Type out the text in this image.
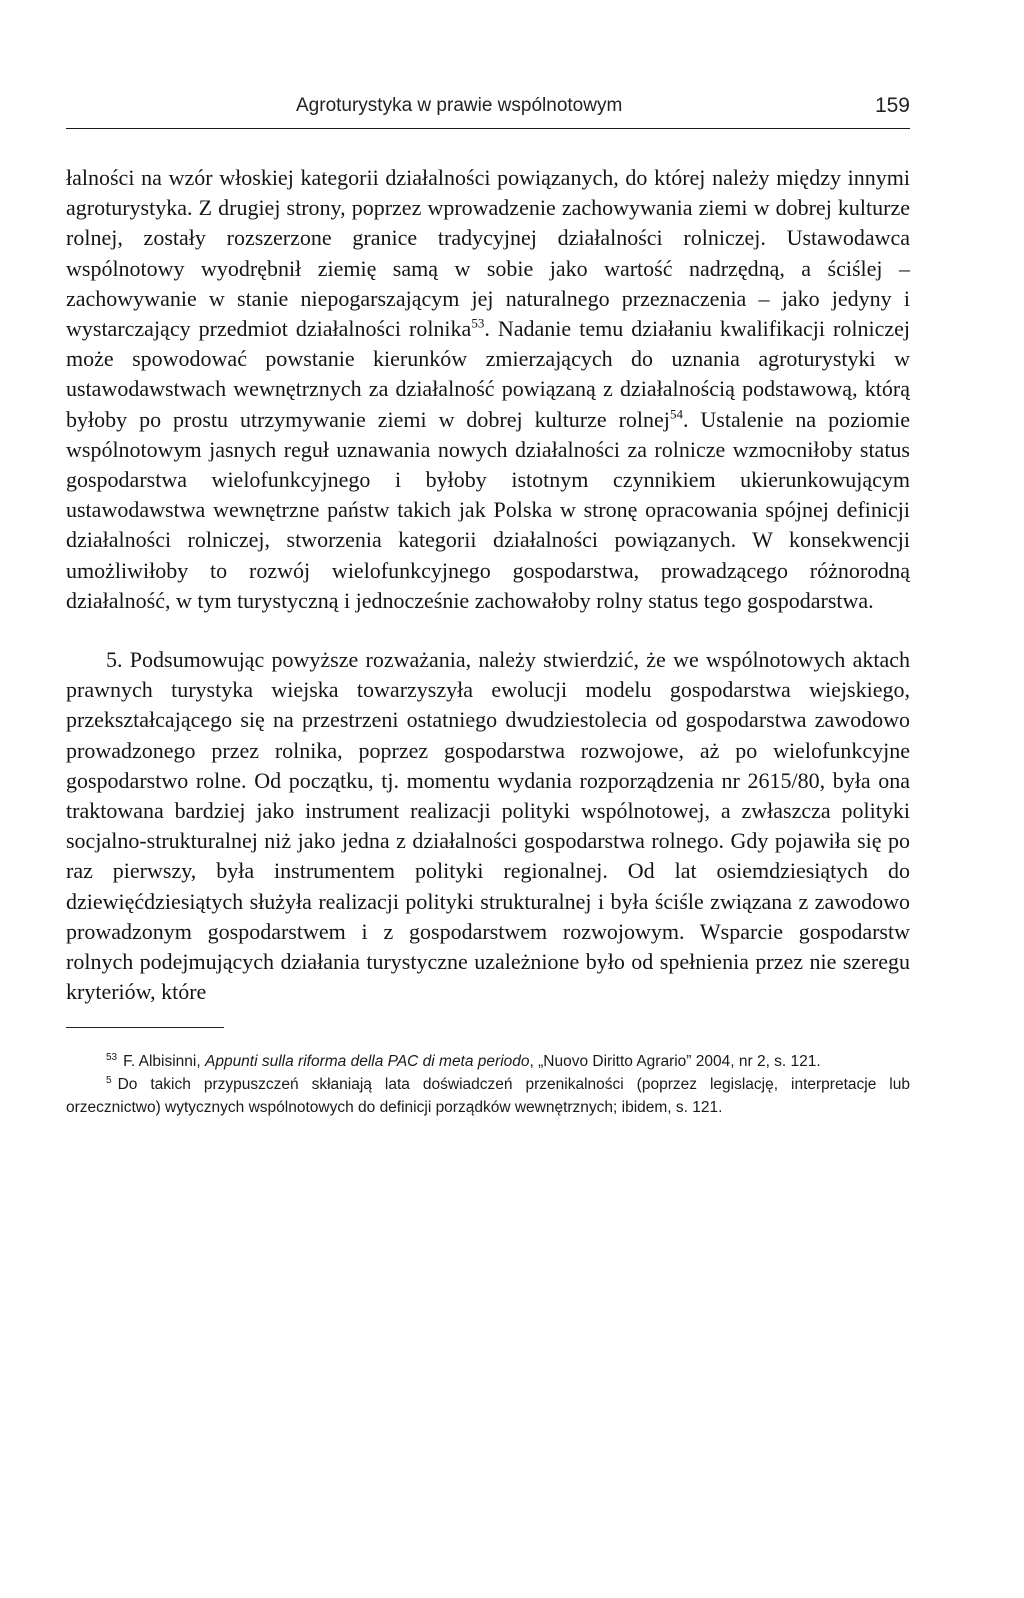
Agroturystyka w prawie wspólnotowym	159

łalności na wzór włoskiej kategorii działalności powiązanych, do której należy między innymi agroturystyka. Z drugiej strony, poprzez wprowadzenie zachowywania ziemi w dobrej kulturze rolnej, zostały rozszerzone granice tradycyjnej działalności rolniczej. Ustawodawca wspólnotowy wyodrębnił ziemię samą w sobie jako wartość nadrzędną, a ściślej – zachowywanie w stanie niepogarszającym jej naturalnego przeznaczenia – jako jedyny i wystarczający przedmiot działalności rolnika$^{53}$. Nadanie temu działaniu kwalifikacji rolniczej może spowodować powstanie kierunków zmierzających do uznania agroturystyki w ustawodawstwach wewnętrznych za działalność powiązaną z działalnością podstawową, którą byłoby po prostu utrzymywanie ziemi w dobrej kulturze rolnej$^{54}$. Ustalenie na poziomie wspólnotowym jasnych reguł uznawania nowych działalności za rolnicze wzmocniłoby status gospodarstwa wielofunkcyjnego i byłoby istotnym czynnikiem ukierunkowującym ustawodawstwa wewnętrzne państw takich jak Polska w stronę opracowania spójnej definicji działalności rolniczej, stworzenia kategorii działalności powiązanych. W konsekwencji umożliwiłoby to rozwój wielofunkcyjnego gospodarstwa, prowadzącego różnorodną działalność, w tym turystyczną i jednocześnie zachowałoby rolny status tego gospodarstwa.

5. Podsumowując powyższe rozważania, należy stwierdzić, że we wspólnotowych aktach prawnych turystyka wiejska towarzyszyła ewolucji modelu gospodarstwa wiejskiego, przekształcającego się na przestrzeni ostatniego dwudziestolecia od gospodarstwa zawodowo prowadzonego przez rolnika, poprzez gospodarstwa rozwojowe, aż po wielofunkcyjne gospodarstwo rolne. Od początku, tj. momentu wydania rozporządzenia nr 2615/80, była ona traktowana bardziej jako instrument realizacji polityki wspólnotowej, a zwłaszcza polityki socjalno-strukturalnej niż jako jedna z działalności gospodarstwa rolnego. Gdy pojawiła się po raz pierwszy, była instrumentem polityki regionalnej. Od lat osiemdziesiątych do dziewięćdziesiątych służyła realizacji polityki strukturalnej i była ściśle związana z zawodowo prowadzonym gospodarstwem i z gospodarstwem rozwojowym. Wsparcie gospodarstw rolnych podejmujących działania turystyczne uzależnione było od spełnienia przez nie szeregu kryteriów, które

$^{53}$ F. Albisinni, Appunti sulla riforma della PAC di meta periodo, „Nuovo Diritto Agrario” 2004, nr 2, s. 121.

$^5$ Do takich przypuszczeń skłaniają lata doświadczeń przenikalności (poprzez legislację, interpretacje lub orzecznictwo) wytycznych wspólnotowych do definicji porządków wewnętrznych; ibidem, s. 121.
